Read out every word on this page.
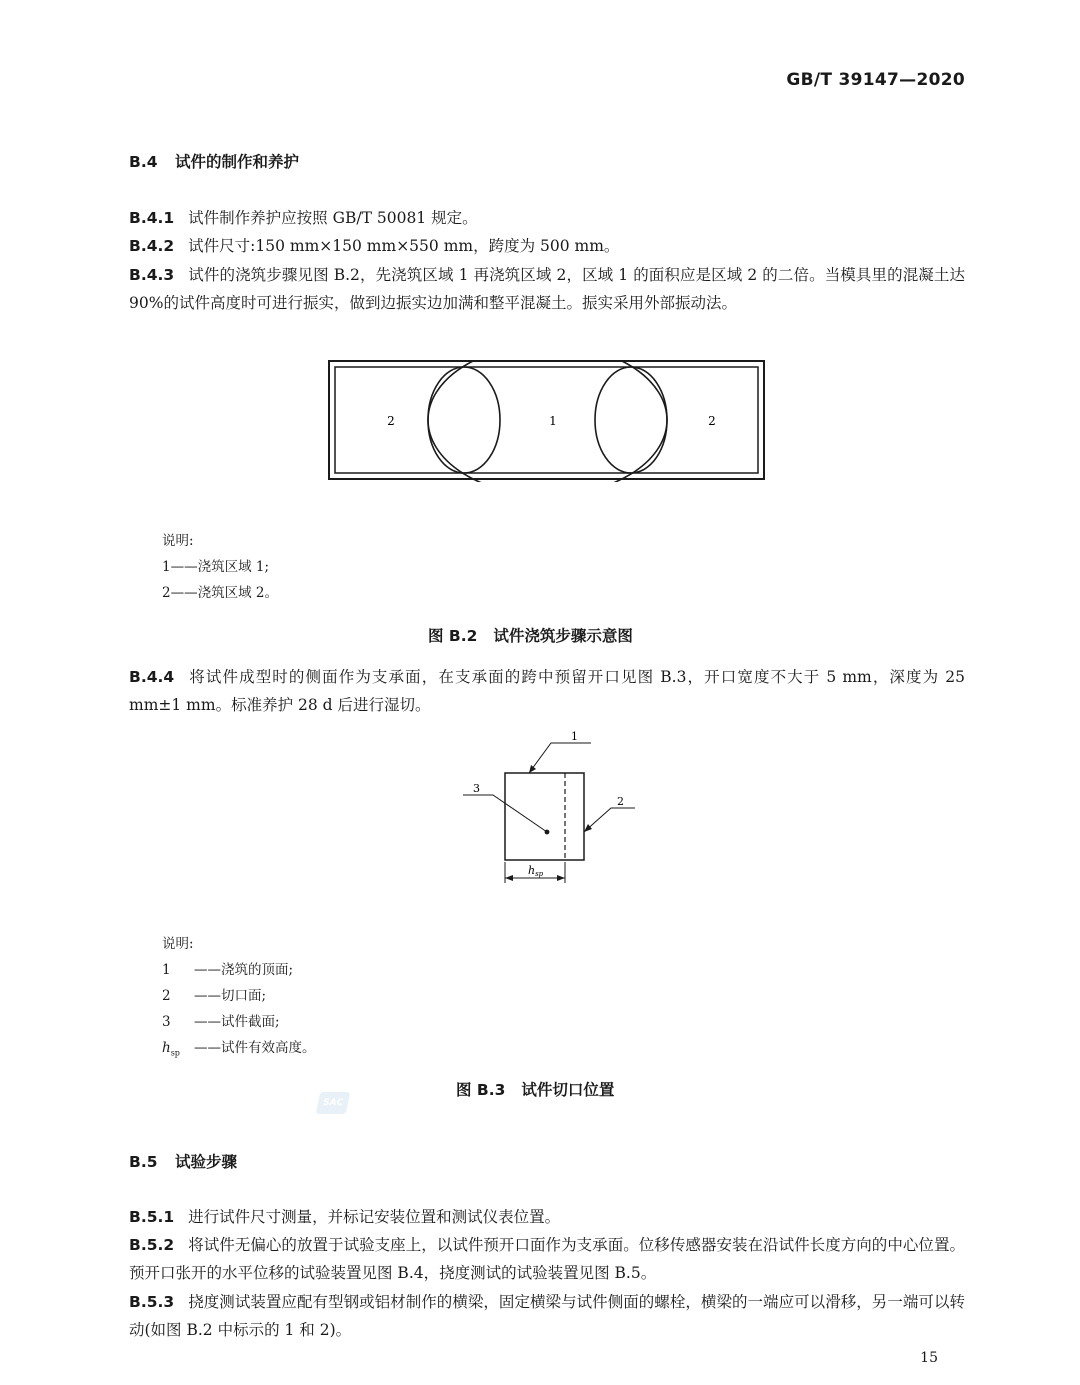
GB/T 39147—2020
B.4 试件的制作和养护
B.4.1 试件制作养护应按照 GB/T 50081 规定。
B.4.2 试件尺寸:150 mm×150 mm×550 mm，跨度为 500 mm。
B.4.3 试件的浇筑步骤见图 B.2，先浇筑区域 1 再浇筑区域 2，区域 1 的面积应是区域 2 的二倍。当模具里的混凝土达 90%的试件高度时可进行振实，做到边振实边加满和整平混凝土。振实采用外部振动法。
2	1	2
说明:
1——浇筑区域 1;
2——浇筑区域 2。
图 B.2 试件浇筑步骤示意图
B.4.4 将试件成型时的侧面作为支承面，在支承面的跨中预留开口见图 B.3，开口宽度不大于 5 mm，深度为 25 mm±1 mm。标准养护 28 d 后进行湿切。
1
2
3
hsp
说明:
1 ——浇筑的顶面;
2 ——切口面;
3 ——试件截面;
$h_{sp}$ ——试件有效高度。
图 B.3 试件切口位置
SAC
B.5 试验步骤
B.5.1 进行试件尺寸测量，并标记安装位置和测试仪表位置。
B.5.2 将试件无偏心的放置于试验支座上，以试件预开口面作为支承面。位移传感器安装在沿试件长度方向的中心位置。预开口张开的水平位移的试验装置见图 B.4，挠度测试的试验装置见图 B.5。
B.5.3 挠度测试装置应配有型钢或铝材制作的横梁，固定横梁与试件侧面的螺栓，横梁的一端应可以滑移，另一端可以转动(如图 B.2 中标示的 1 和 2)。
15
